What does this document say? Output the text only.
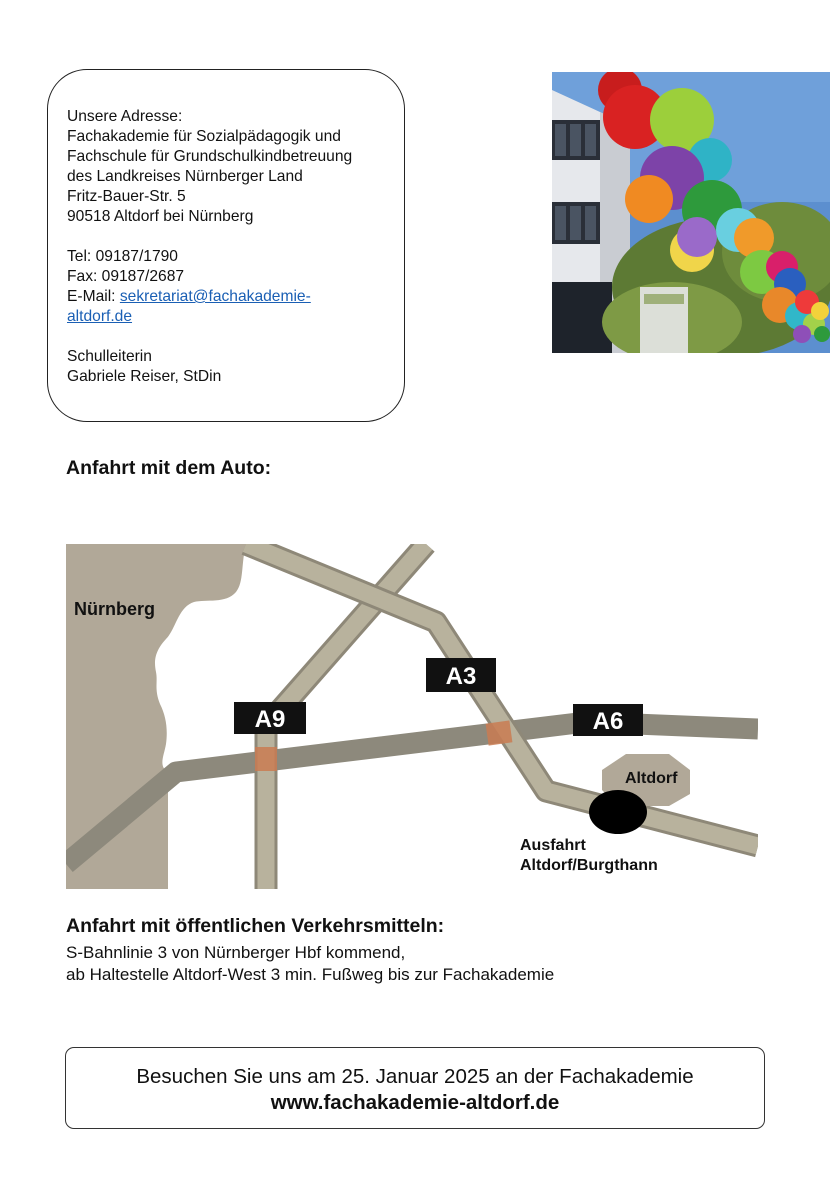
Unsere Adresse:
Fachakademie für Sozialpädagogik und
Fachschule für Grundschulkindbetreuung
des Landkreises Nürnberger Land
Fritz-Bauer-Str. 5
90518 Altdorf bei Nürnberg
Tel: 09187/1790
Fax: 09187/2687
E-Mail: sekretariat@fachakademie-
altdorf.de
Schulleiterin
Gabriele Reiser, StDin
Anfahrt mit dem Auto:
Nürnberg
Altdorf
Ausfahrt
Altdorf/Burgthann
A9
A3
A6
Anfahrt mit öffentlichen Verkehrsmitteln:
S-Bahnlinie 3 von Nürnberger Hbf kommend,
ab Haltestelle Altdorf-West 3 min. Fußweg bis zur Fachakademie
Besuchen Sie uns am 25. Januar 2025 an der Fachakademie
www.fachakademie-altdorf.de
